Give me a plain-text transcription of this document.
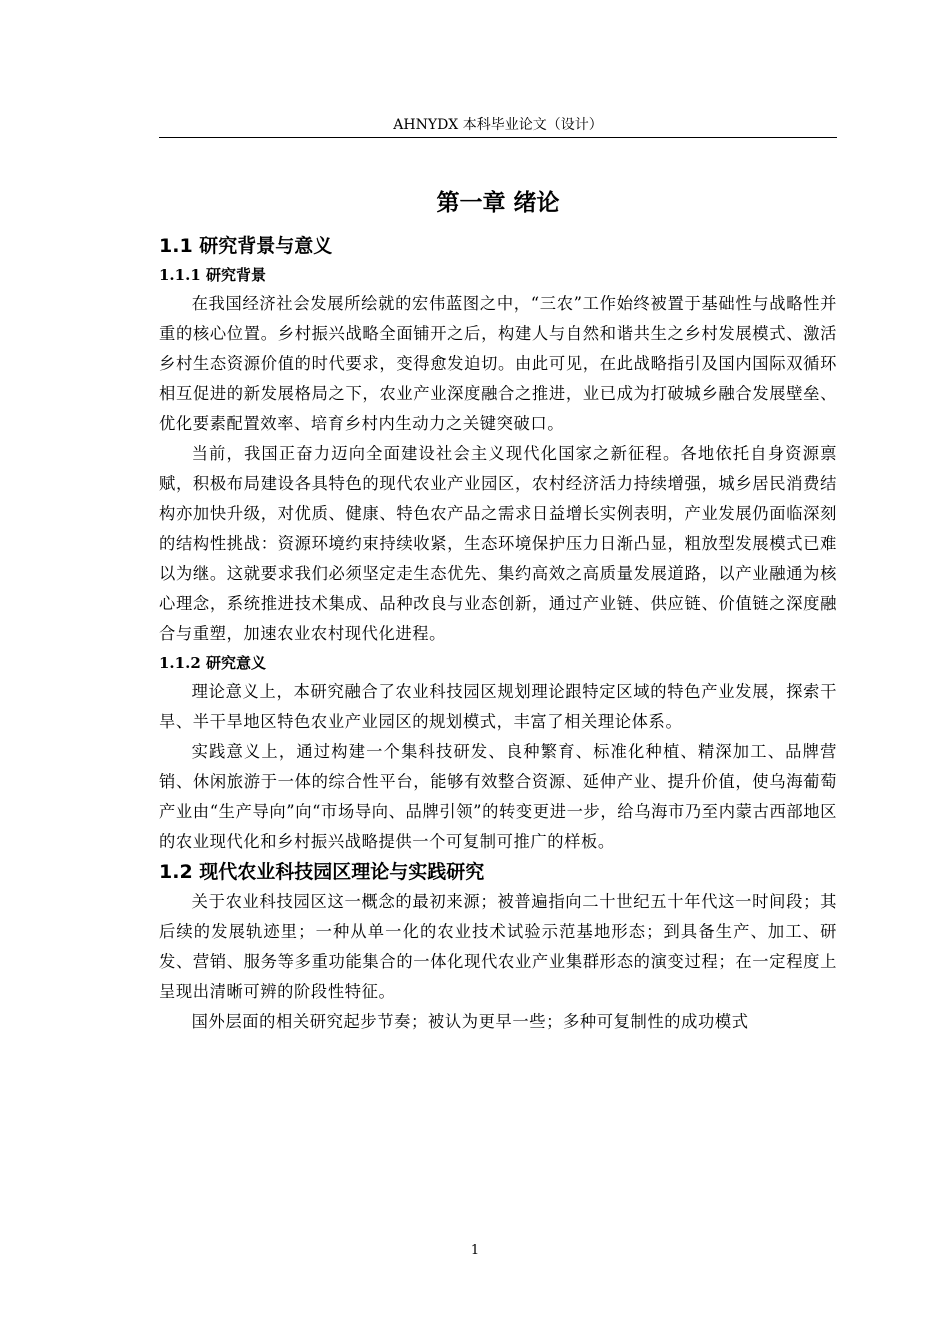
AHNYDX 本科毕业论文（设计）
第一章 绪论
1.1 研究背景与意义
1.1.1 研究背景

在我国经济社会发展所绘就的宏伟蓝图之中，“三农”工作始终被置于基础性与战略性并重的核心位置。乡村振兴战略全面铺开之后，构建人与自然和谐共生之乡村发展模式、激活乡村生态资源价值的时代要求，变得愈发迫切。由此可见，在此战略指引及国内国际双循环相互促进的新发展格局之下，农业产业深度融合之推进，业已成为打破城乡融合发展壁垒、优化要素配置效率、培育乡村内生动力之关键突破口。

当前，我国正奋力迈向全面建设社会主义现代化国家之新征程。各地依托自身资源禀赋，积极布局建设各具特色的现代农业产业园区，农村经济活力持续增强，城乡居民消费结构亦加快升级，对优质、健康、特色农产品之需求日益增长实例表明，产业发展仍面临深刻的结构性挑战：资源环境约束持续收紧，生态环境保护压力日渐凸显，粗放型发展模式已难以为继。这就要求我们必须坚定走生态优先、集约高效之高质量发展道路，以产业融通为核心理念，系统推进技术集成、品种改良与业态创新，通过产业链、供应链、价值链之深度融合与重塑，加速农业农村现代化进程。

1.1.2 研究意义

理论意义上，本研究融合了农业科技园区规划理论跟特定区域的特色产业发展，探索干旱、半干旱地区特色农业产业园区的规划模式，丰富了相关理论体系。

实践意义上，通过构建一个集科技研发、良种繁育、标准化种植、精深加工、品牌营销、休闲旅游于一体的综合性平台，能够有效整合资源、延伸产业、提升价值，使乌海葡萄产业由“生产导向”向“市场导向、品牌引领”的转变更进一步，给乌海市乃至内蒙古西部地区的农业现代化和乡村振兴战略提供一个可复制可推广的样板。

1.2 现代农业科技园区理论与实践研究

关于农业科技园区这一概念的最初来源；被普遍指向二十世纪五十年代这一时间段；其后续的发展轨迹里；一种从单一化的农业技术试验示范基地形态；到具备生产、加工、研发、营销、服务等多重功能集合的一体化现代农业产业集群形态的演变过程；在一定程度上呈现出清晰可辨的阶段性特征。

国外层面的相关研究起步节奏；被认为更早一些；多种可复制性的成功模式

1
